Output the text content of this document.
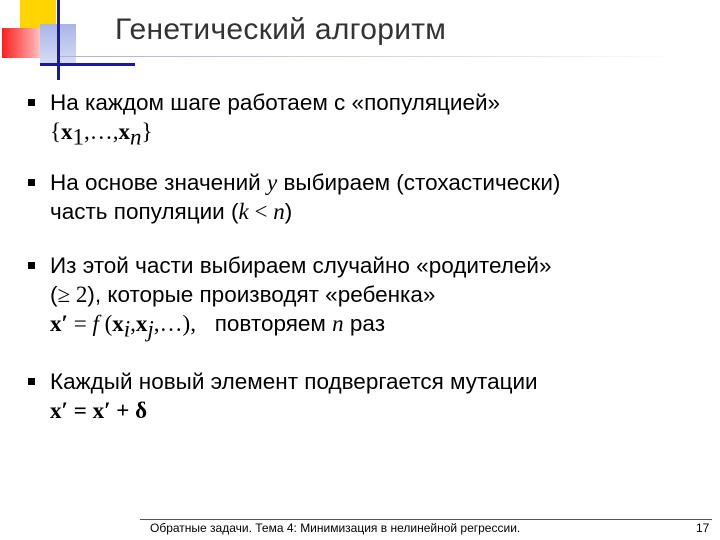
Генетический алгоритм
На каждом шаге работаем с «популяцией»
$\{x_1,\dots,x_n\}$
На основе значений y выбираем (стохастически)
часть популяции (k < n)
Из этой части выбираем случайно «родителей»
(≥ 2), которые производят «ребенка»
x′ = f $(x_i,x_j,\dots)$, повторяем n раз
Каждый новый элемент подвергается мутации
x′ = x′ + δ
Обратные задачи. Тема 4: Минимизация в нелинейной регрессии.	17
